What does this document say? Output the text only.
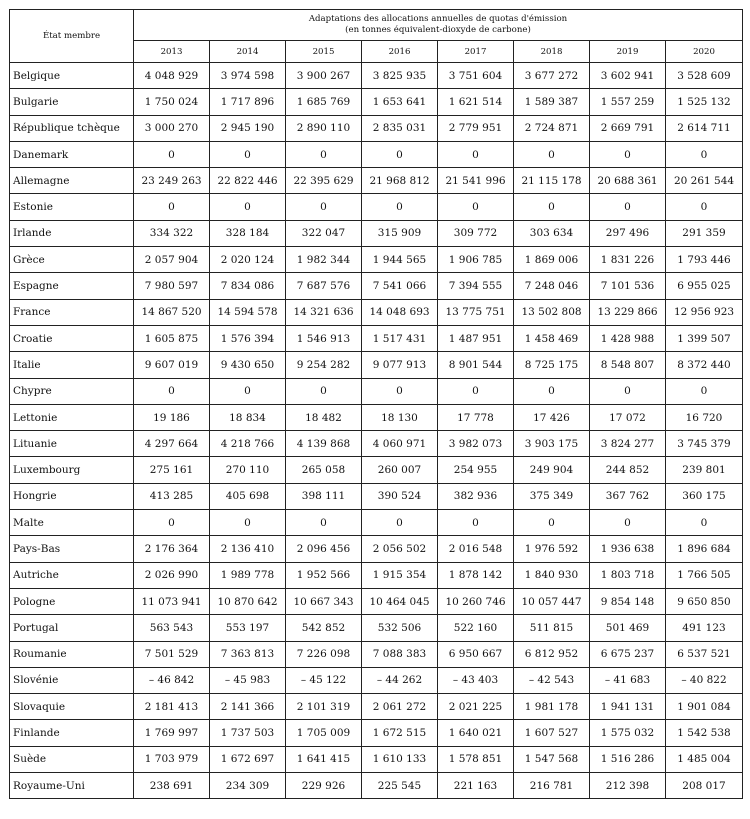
État membre	Adaptations des allocations annuelles de quotas d'émission
(en tonnes équivalent-dioxyde de carbone)							

	2013	2014	2015	2016	2017	2018	2019	2020
Belgique	4 048 929	3 974 598	3 900 267	3 825 935	3 751 604	3 677 272	3 602 941	3 528 609
Bulgarie	1 750 024	1 717 896	1 685 769	1 653 641	1 621 514	1 589 387	1 557 259	1 525 132
République tchèque	3 000 270	2 945 190	2 890 110	2 835 031	2 779 951	2 724 871	2 669 791	2 614 711
Danemark	0	0	0	0	0	0	0	0
Allemagne	23 249 263	22 822 446	22 395 629	21 968 812	21 541 996	21 115 178	20 688 361	20 261 544
Estonie	0	0	0	0	0	0	0	0
Irlande	334 322	328 184	322 047	315 909	309 772	303 634	297 496	291 359
Grèce	2 057 904	2 020 124	1 982 344	1 944 565	1 906 785	1 869 006	1 831 226	1 793 446
Espagne	7 980 597	7 834 086	7 687 576	7 541 066	7 394 555	7 248 046	7 101 536	6 955 025
France	14 867 520	14 594 578	14 321 636	14 048 693	13 775 751	13 502 808	13 229 866	12 956 923
Croatie	1 605 875	1 576 394	1 546 913	1 517 431	1 487 951	1 458 469	1 428 988	1 399 507
Italie	9 607 019	9 430 650	9 254 282	9 077 913	8 901 544	8 725 175	8 548 807	8 372 440
Chypre	0	0	0	0	0	0	0	0
Lettonie	19 186	18 834	18 482	18 130	17 778	17 426	17 072	16 720
Lituanie	4 297 664	4 218 766	4 139 868	4 060 971	3 982 073	3 903 175	3 824 277	3 745 379
Luxembourg	275 161	270 110	265 058	260 007	254 955	249 904	244 852	239 801
Hongrie	413 285	405 698	398 111	390 524	382 936	375 349	367 762	360 175
Malte	0	0	0	0	0	0	0	0
Pays-Bas	2 176 364	2 136 410	2 096 456	2 056 502	2 016 548	1 976 592	1 936 638	1 896 684
Autriche	2 026 990	1 989 778	1 952 566	1 915 354	1 878 142	1 840 930	1 803 718	1 766 505
Pologne	11 073 941	10 870 642	10 667 343	10 464 045	10 260 746	10 057 447	9 854 148	9 650 850
Portugal	563 543	553 197	542 852	532 506	522 160	511 815	501 469	491 123
Roumanie	7 501 529	7 363 813	7 226 098	7 088 383	6 950 667	6 812 952	6 675 237	6 537 521
Slovénie	– 46 842	– 45 983	– 45 122	– 44 262	– 43 403	– 42 543	– 41 683	– 40 822
Slovaquie	2 181 413	2 141 366	2 101 319	2 061 272	2 021 225	1 981 178	1 941 131	1 901 084
Finlande	1 769 997	1 737 503	1 705 009	1 672 515	1 640 021	1 607 527	1 575 032	1 542 538
Suède	1 703 979	1 672 697	1 641 415	1 610 133	1 578 851	1 547 568	1 516 286	1 485 004
Royaume-Uni	238 691	234 309	229 926	225 545	221 163	216 781	212 398	208 017
